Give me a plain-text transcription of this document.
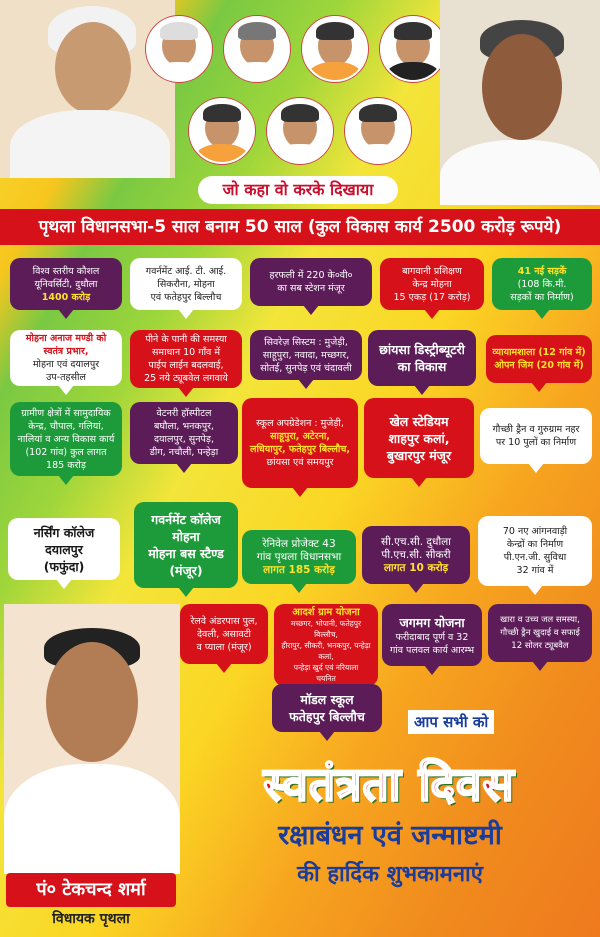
जो कहा वो करके दिखाया
पृथला विधानसभा-5 साल बनाम 50 साल (कुल विकास कार्य 2500 करोड़ रूपये)
विश्व स्तरीय कौशल
यूनिवर्सिटी, दुधौला
1400 करोड़
गवर्नमेंट आई. टी. आई.
सिकरौना, मोहना
एवं फतेहपुर बिल्लौच
हरफली में 220 के०वी०
का सब स्टेशन मंजूर
बागवानी प्रशिक्षण
केन्द्र मोहना
15 एकड़ (17 करोड़)
41 नई सड़कें
(108 कि.मी.
सड़कों का निर्माण)
मोहना अनाज मण्डी को
स्वतंत्र प्रभार,
मोहना एवं दयालपुर
उप-तहसील
पीने के पानी की समस्या
समाधान 10 गाँव में
पाईप लाईन बदलवाई,
25 नये ट्यूबवेल लगवाये
सिवरेज़ सिस्टम : मुजेड़ी,
साहूपुरा, नवादा, मच्छगर,
सोतई, सुनपेड़ एवं चंदावली
छांयसा डिस्ट्रीब्यूटरी
का विकास
व्यायामशाला (12 गांव में)
ओपन जिम (20 गांव में)
ग्रामीण क्षेत्रों में सामुदायिक
केन्द्र, चौपाल, गलियां,
नालियां व अन्य विकास कार्य
(102 गांव) कुल लागत
185 करोड़
वेटनरी हॉस्पीटल
बघौला, भनकपुर,
दयालपुर, सुनपेड़,
डीग, नचौली, पन्हेड़ा
स्कूल अपग्रेडेशन : मुजेड़ी,
साहूपुरा, अटेरना,
लधियापुर, फतेहपुर बिल्लौच,
छांयसा एवं समयपुर
खेल स्टेडियम
शाहपुर कलां,
बुखारपुर मंजूर
गौच्छी ड्रैन व गुरुग्राम नहर
पर 10 पुलों का निर्माण
नर्सिंग कॉलेज
दयालपुर
(फफुंदा)
गवर्नमेंट कॉलेज
मोहना
मोहना बस स्टैण्ड
(मंजूर)
रेनिवेल प्रोजेक्ट 43
गांव पृथला विधानसभा
लागत 185 करोड़
सी.एच.सी. दुधौला
पी.एच.सी. सीकरी
लागत 10 करोड़
70 नए आंगनवाड़ी
केन्द्रों का निर्माण
पी.एन.जी. सुविधा
32 गांव में
रेलवे अंडरपास पुल,
देवली, असावटी
व प्याला (मंजूर)
आदर्श ग्राम योजना
मच्छगर, भोपानी, फतेहपुर बिल्लौच,
हीरापुर, सीकरी, भनकपुर, पन्हेड़ा कलां,
पन्हेड़ा खुर्द एवं नरियाला
चयनित
जगमग योजना
फरीदाबाद पूर्ण व 32
गांव पलवल कार्य आरम्भ
खारा व उच्च जल समस्या,
गौच्छी ड्रैन खुदाई व सफाई
12 सोलर ट्यूबवैल
मॉडल स्कूल
फतेहपुर बिल्लौच	आप सभी को
स्वतंत्रता दिवस
रक्षाबंधन एवं जन्माष्टमी
की हार्दिक शुभकामनाएं
पं० टेकचन्द शर्मा
विधायक पृथला
